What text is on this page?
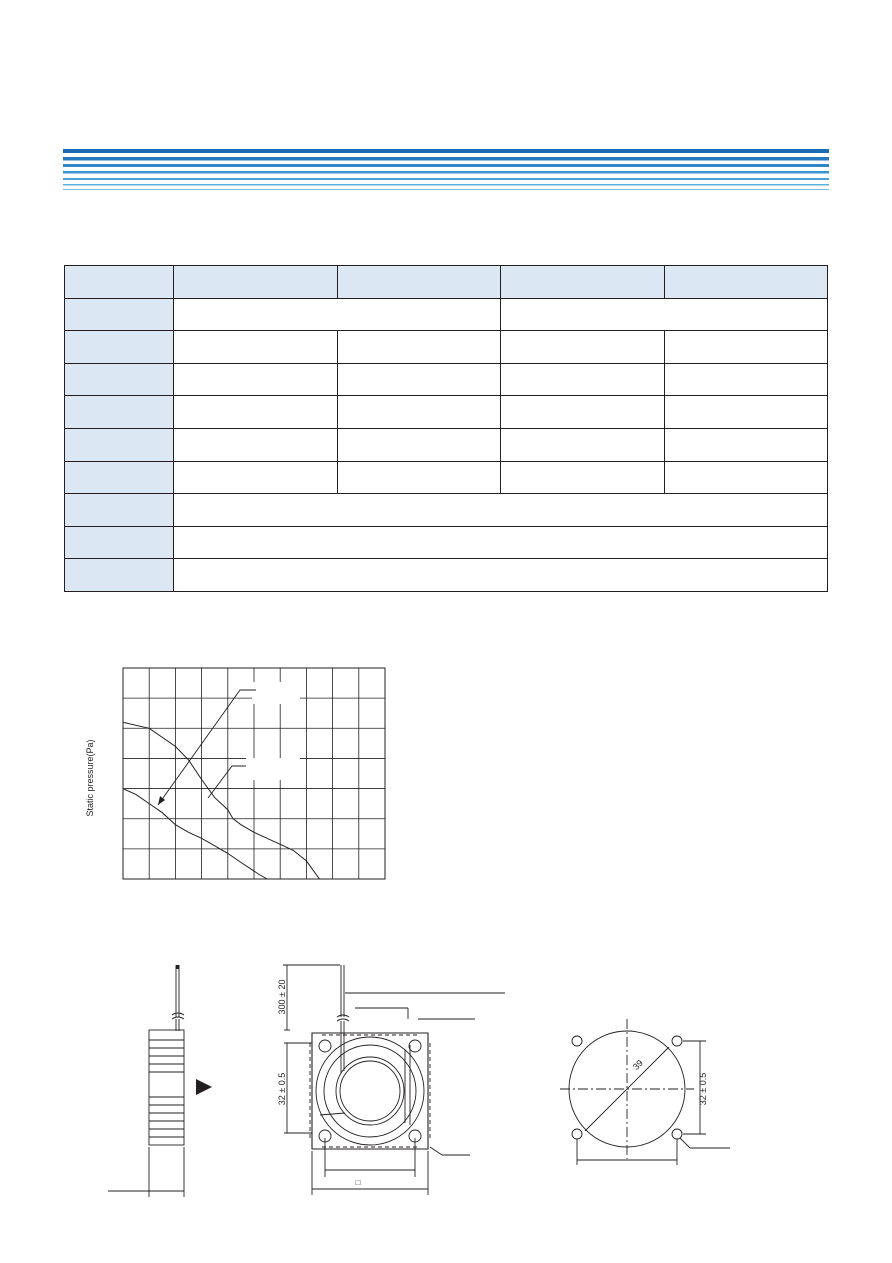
Static pressure(Pa)
300 ± 20
32 ± 0.5	32 ± 0.5
39
□
